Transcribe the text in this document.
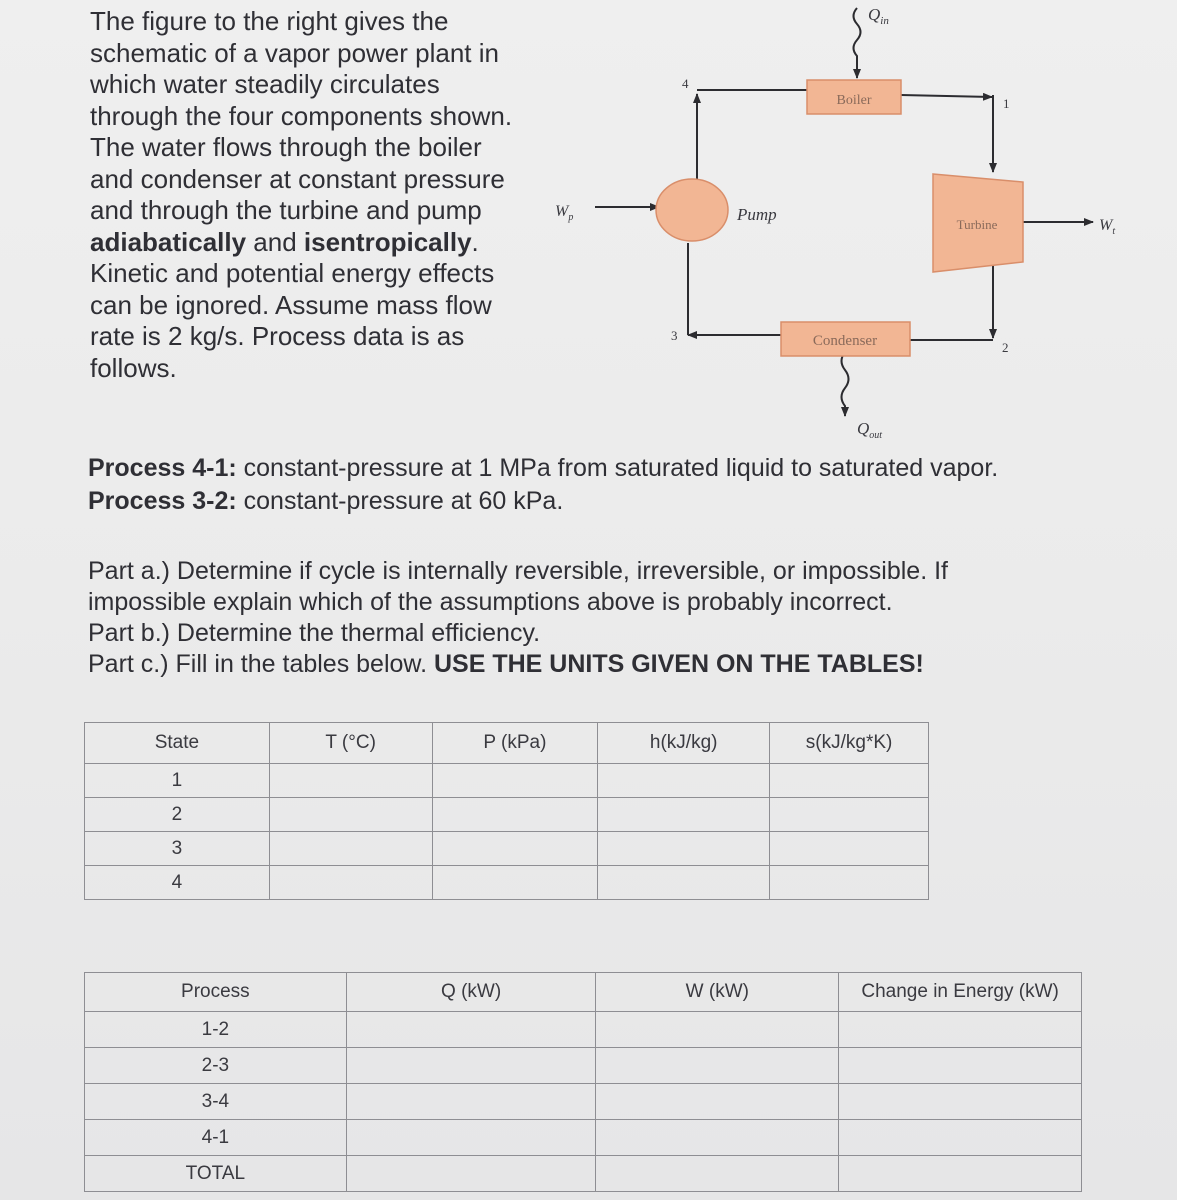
The figure to the right gives the
schematic of a vapor power plant in
which water steadily circulates
through the four components shown.
The water flows through the boiler
and condenser at constant pressure
and through the turbine and pump
adiabatically and isentropically.
Kinetic and potential energy effects
can be ignored. Assume mass flow
rate is 2 kg/s. Process data is as
follows.
Boiler
Pump
Turbine
Condenser
$Q_{in}$
$Q_{out}$
$W_p$	$W_t$
1
2
3
4
Process 4-1: constant-pressure at 1 MPa from saturated liquid to saturated vapor.
Process 3-2: constant-pressure at 60 kPa.

Part a.) Determine if cycle is internally reversible, irreversible, or impossible. If

impossible explain which of the assumptions above is probably incorrect.

Part b.) Determine the thermal efficiency.

Part c.) Fill in the tables below. USE THE UNITS GIVEN ON THE TABLES!

State	T (°C)	P (kPa)	h(kJ/kg)	s(kJ/kg*K)
1				
2				
3				
4				
Process	Q (kW)	W (kW)	Change in Energy (kW)
1-2			
2-3			
3-4			
4-1			
TOTAL			
